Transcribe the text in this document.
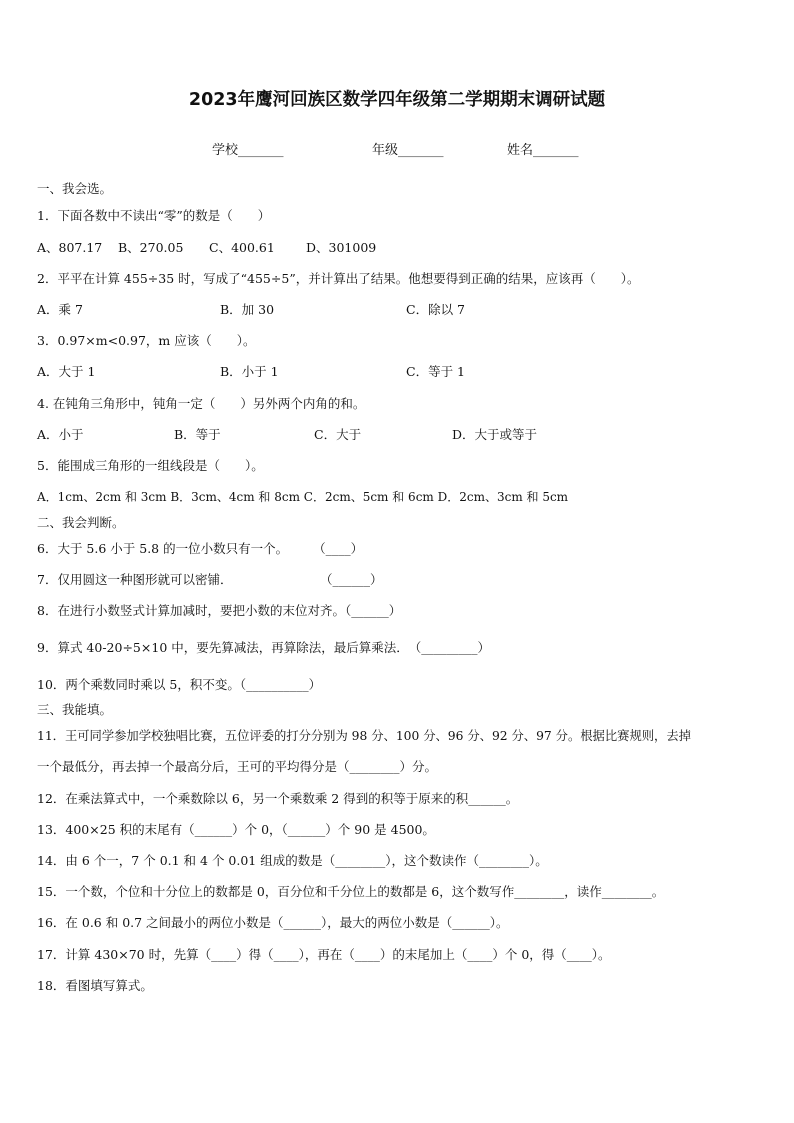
2023年鹰河回族区数学四年级第二学期期末调研试题
学校_______	年级_______	姓名_______
一、我会选。
1．下面各数中不读出“零”的数是（　　）
A、807.17 B、270.05 C、400.61 D、301009
2．平平在计算 455÷35 时，写成了“455÷5”，并计算出了结果。他想要得到正确的结果，应该再（　　）。
A．乘 7	B．加 30	C．除以 7
3．0.97×m<0.97，m 应该（　　）。
A．大于 1	B．小于 1	C．等于 1
4. 在钝角三角形中，钝角一定（　　）另外两个内角的和。
A．小于	B．等于	C．大于	D．大于或等于
5．能围成三角形的一组线段是（　　）。
A．1cm、2cm 和 3cm B．3cm、4cm 和 8cm C．2cm、5cm 和 6cm D．2cm、3cm 和 5cm
二、我会判断。
6．大于 5.6 小于 5.8 的一位小数只有一个。　　　（____）
7．仅用圆这一种图形就可以密铺．　　　　　　　　（______）
8．在进行小数竖式计算加减时，要把小数的末位对齐。（______）
9．算式 40-20÷5×10 中，要先算减法，再算除法，最后算乘法．　（_________）
10．两个乘数同时乘以 5，积不变。（__________）
三、我能填。
11．王可同学参加学校独唱比赛，五位评委的打分分别为 98 分、100 分、96 分、92 分、97 分。根据比赛规则，去掉
一个最低分，再去掉一个最高分后，王可的平均得分是（________）分。
12．在乘法算式中，一个乘数除以 6，另一个乘数乘 2 得到的积等于原来的积______。
13．400×25 积的末尾有（______）个 0，（______）个 90 是 4500。
14．由 6 个一，7 个 0.1 和 4 个 0.01 组成的数是（________），这个数读作（________）。
15．一个数，个位和十分位上的数都是 0，百分位和千分位上的数都是 6，这个数写作________，读作________。
16．在 0.6 和 0.7 之间最小的两位小数是（______），最大的两位小数是（______）。
17．计算 430×70 时，先算（____）得（____），再在（____）的末尾加上（____）个 0，得（____）。
18．看图填写算式。
